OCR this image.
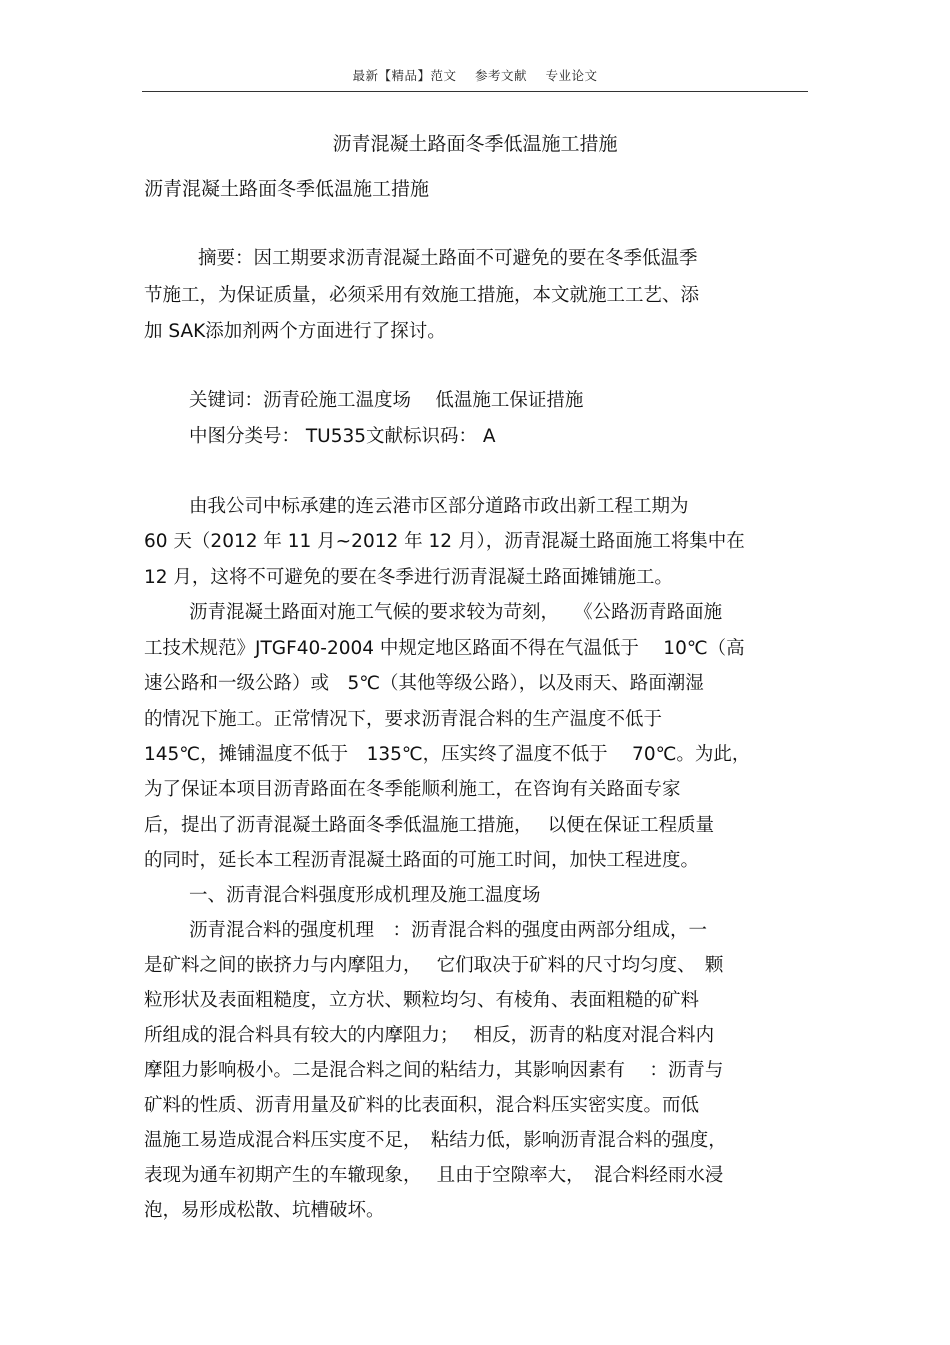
最新【精品】范文 参考文献 专业论文
沥青混凝土路面冬季低温施工措施
沥青混凝土路面冬季低温施工措施
摘要：因工期要求沥青混凝土路面不可避免的要在冬季低温季
节施工，为保证质量，必须采用有效施工措施，本文就施工工艺、添
加 SAK添加剂两个方面进行了探讨。
关键词：沥青砼施工温度场　 低温施工保证措施
中图分类号： TU535文献标识码： A
由我公司中标承建的连云港市区部分道路市政出新工程工期为
60 天（2012 年 11 月~2012 年 12 月），沥青混凝土路面施工将集中在
12 月，这将不可避免的要在冬季进行沥青混凝土路面摊铺施工。
沥青混凝土路面对施工气候的要求较为苛刻，　 《公路沥青路面施
工技术规范》JTGF40-2004 中规定地区路面不得在气温低于　 10℃（高
速公路和一级公路）或　5℃（其他等级公路），以及雨天、路面潮湿
的情况下施工。正常情况下，要求沥青混合料的生产温度不低于
145℃，摊铺温度不低于　135℃，压实终了温度不低于　 70℃。为此，
为了保证本项目沥青路面在冬季能顺利施工，在咨询有关路面专家
后，提出了沥青混凝土路面冬季低温施工措施，　 以便在保证工程质量
的同时，延长本工程沥青混凝土路面的可施工时间，加快工程进度。
一、沥青混合料强度形成机理及施工温度场
沥青混合料的强度机理　：沥青混合料的强度由两部分组成，一
是矿料之间的嵌挤力与内摩阻力，　 它们取决于矿料的尺寸均匀度、　颗
粒形状及表面粗糙度，立方状、颗粒均匀、有棱角、表面粗糙的矿料
所组成的混合料具有较大的内摩阻力；　 相反，沥青的粘度对混合料内
摩阻力影响极小。二是混合料之间的粘结力，其影响因素有　 ：沥青与
矿料的性质、沥青用量及矿料的比表面积，混合料压实密实度。而低
温施工易造成混合料压实度不足，　粘结力低，影响沥青混合料的强度，
表现为通车初期产生的车辙现象，　 且由于空隙率大，　混合料经雨水浸
泡，易形成松散、坑槽破坏。
